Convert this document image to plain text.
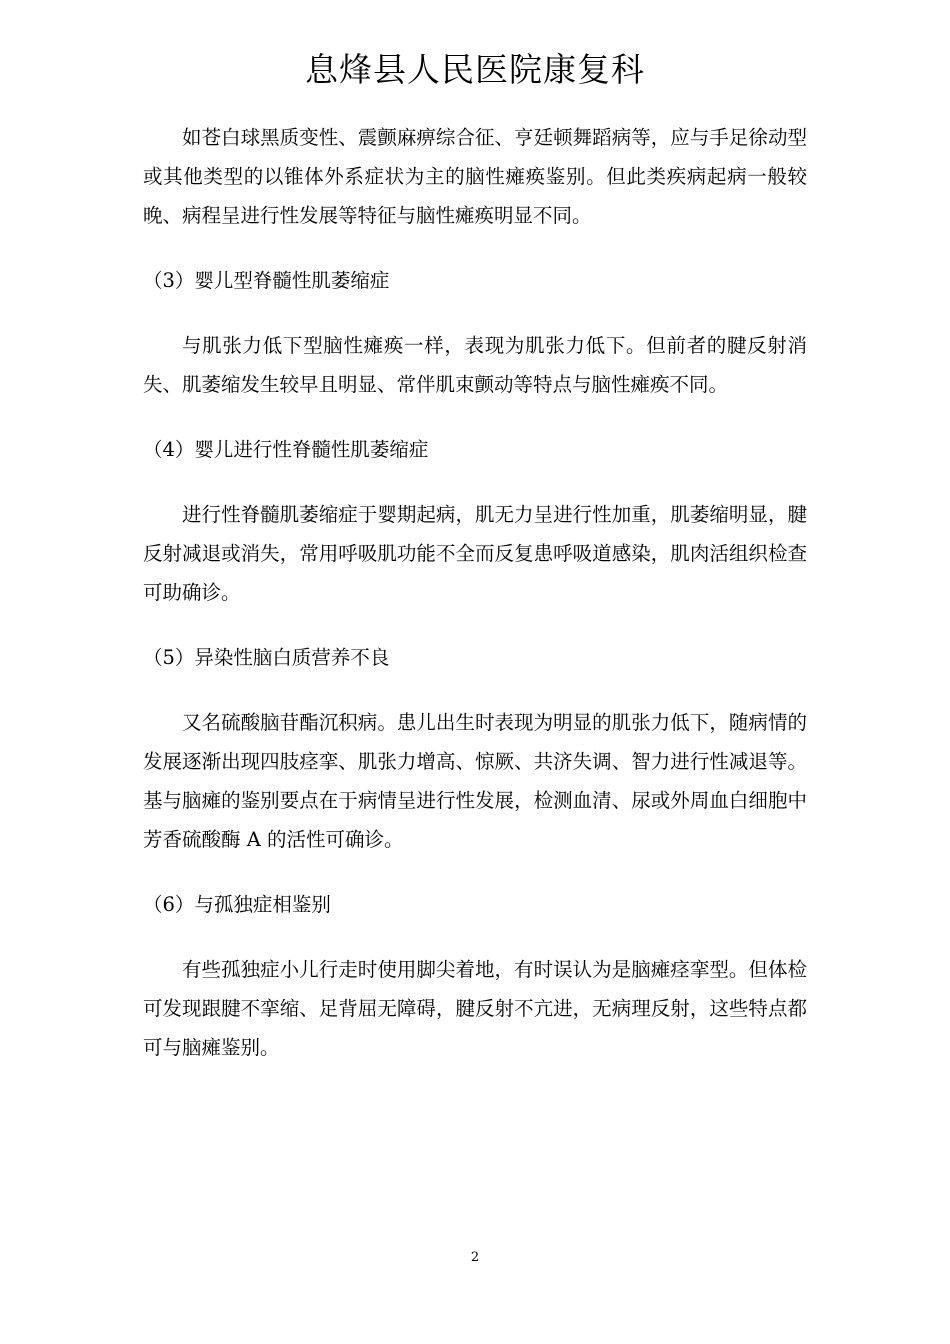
息烽县人民医院康复科

如苍白球黑质变性、震颤麻痹综合征、亨廷顿舞蹈病等，应与手足徐动型或其他类型的以锥体外系症状为主的脑性瘫痪鉴别。但此类疾病起病一般较晚、病程呈进行性发展等特征与脑性瘫痪明显不同。

（3）婴儿型脊髓性肌萎缩症

与肌张力低下型脑性瘫痪一样，表现为肌张力低下。但前者的腱反射消失、肌萎缩发生较早且明显、常伴肌束颤动等特点与脑性瘫痪不同。

（4）婴儿进行性脊髓性肌萎缩症

进行性脊髓肌萎缩症于婴期起病，肌无力呈进行性加重，肌萎缩明显，腱反射减退或消失，常用呼吸肌功能不全而反复患呼吸道感染，肌肉活组织检查可助确诊。

（5）异染性脑白质营养不良

又名硫酸脑苷酯沉积病。患儿出生时表现为明显的肌张力低下，随病情的发展逐渐出现四肢痉挛、肌张力增高、惊厥、共济失调、智力进行性减退等。基与脑瘫的鉴别要点在于病情呈进行性发展，检测血清、尿或外周血白细胞中芳香硫酸酶 A 的活性可确诊。

（6）与孤独症相鉴别

有些孤独症小儿行走时使用脚尖着地，有时误认为是脑瘫痉挛型。但体检可发现跟腱不挛缩、足背屈无障碍，腱反射不亢进，无病理反射，这些特点都可与脑瘫鉴别。

2
